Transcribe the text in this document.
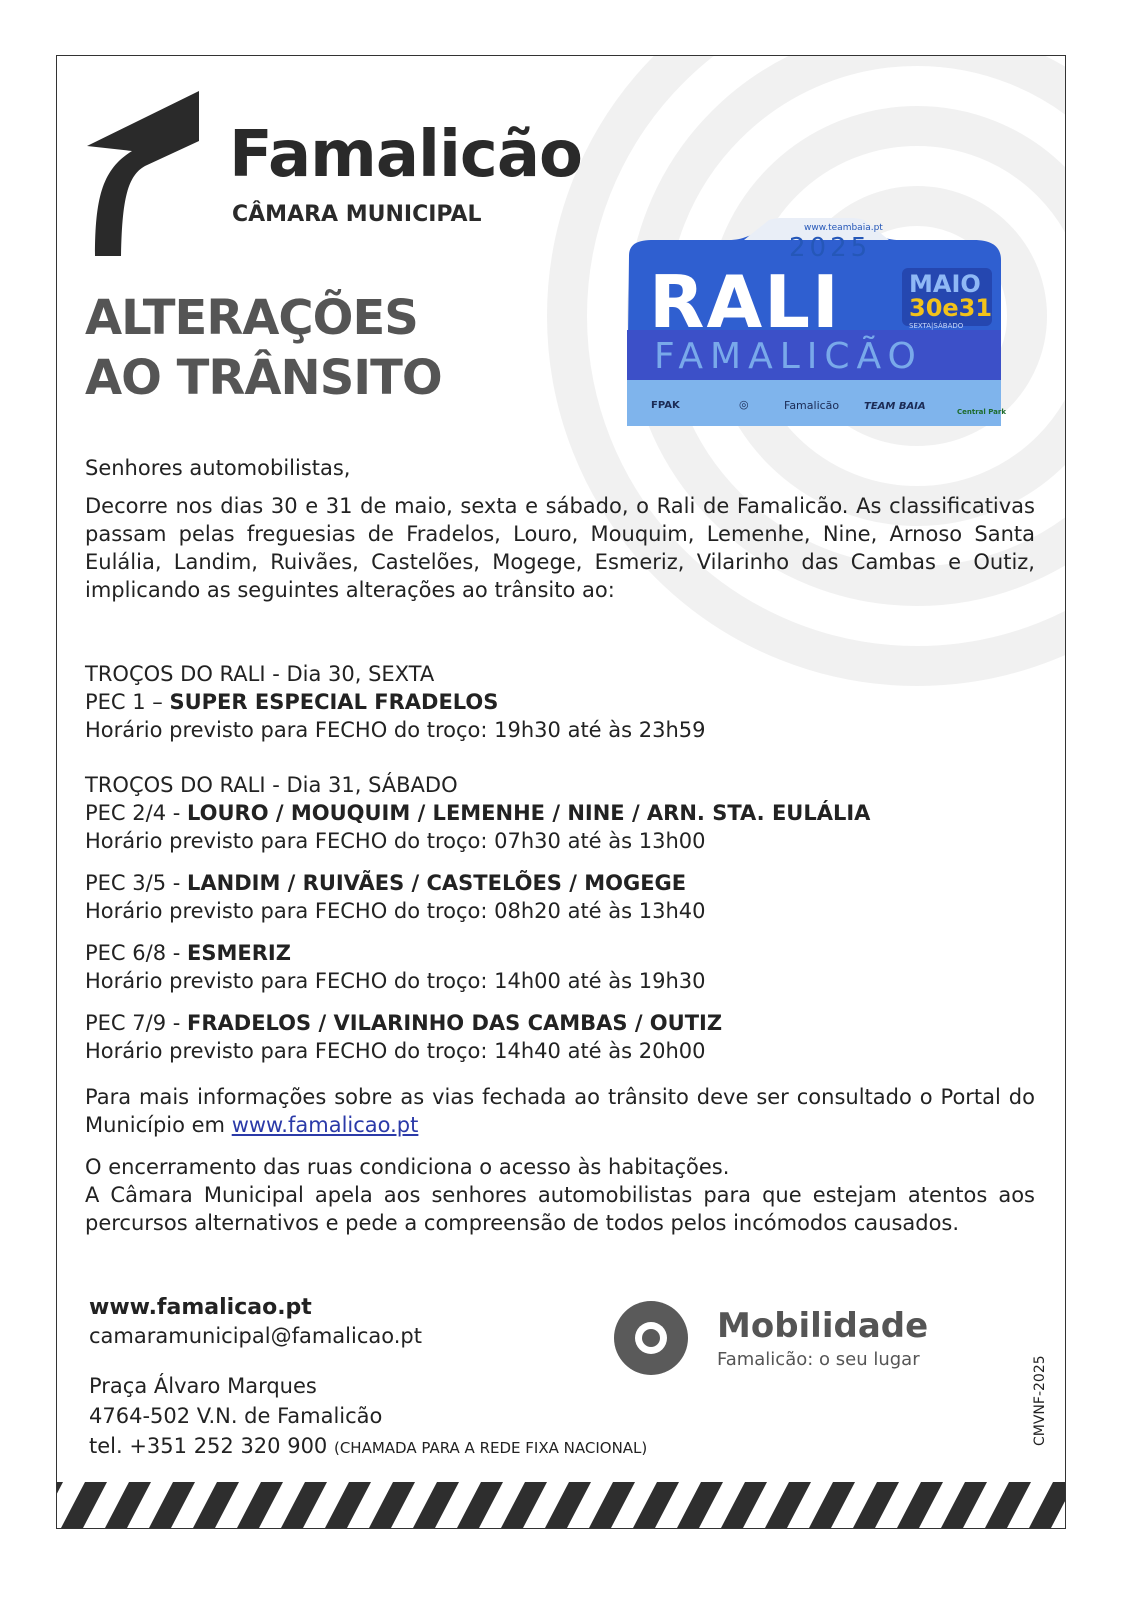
Famalicão
CÂMARA MUNICIPAL
ALTERAÇÕES
AO TRÂNSITO
www.teambaia.pt
2025
RALI	MAIO
30e31
SEXTA|SÁBADO
FAMALICÃO
FPAK	◎	Famalicão TEAM BAIA	Central Park
Senhores automobilistas,
Decorre nos dias 30 e 31 de maio, sexta e sábado, o Rali de Famalicão. As classificativas passam pelas freguesias de Fradelos, Louro, Mouquim, Lemenhe, Nine, Arnoso Santa Eulália, Landim, Ruivães, Castelões, Mogege, Esmeriz, Vilarinho das Cambas e Outiz, implicando as seguintes alterações ao trânsito ao:
TROÇOS DO RALI - Dia 30, SEXTA
PEC 1 – SUPER ESPECIAL FRADELOS
Horário previsto para FECHO do troço: 19h30 até às 23h59
TROÇOS DO RALI - Dia 31, SÁBADO
PEC 2/4 - LOURO / MOUQUIM / LEMENHE / NINE / ARN. STA. EULÁLIA
Horário previsto para FECHO do troço: 07h30 até às 13h00
PEC 3/5 - LANDIM / RUIVÃES / CASTELÕES / MOGEGE
Horário previsto para FECHO do troço: 08h20 até às 13h40
PEC 6/8 - ESMERIZ
Horário previsto para FECHO do troço: 14h00 até às 19h30
PEC 7/9 - FRADELOS / VILARINHO DAS CAMBAS / OUTIZ
Horário previsto para FECHO do troço: 14h40 até às 20h00
Para mais informações sobre as vias fechada ao trânsito deve ser consultado o Portal do Município em www.famalicao.pt
O encerramento das ruas condiciona o acesso às habitações.
A Câmara Municipal apela aos senhores automobilistas para que estejam atentos aos percursos alternativos e pede a compreensão de todos pelos incómodos causados.
www.famalicao.pt
camaramunicipal@famalicao.pt
Praça Álvaro Marques
4764-502 V.N. de Famalicão
tel. +351 252 320 900 (CHAMADA PARA A REDE FIXA NACIONAL)
Mobilidade
Famalicão: o seu lugar	CMVNF-2025
